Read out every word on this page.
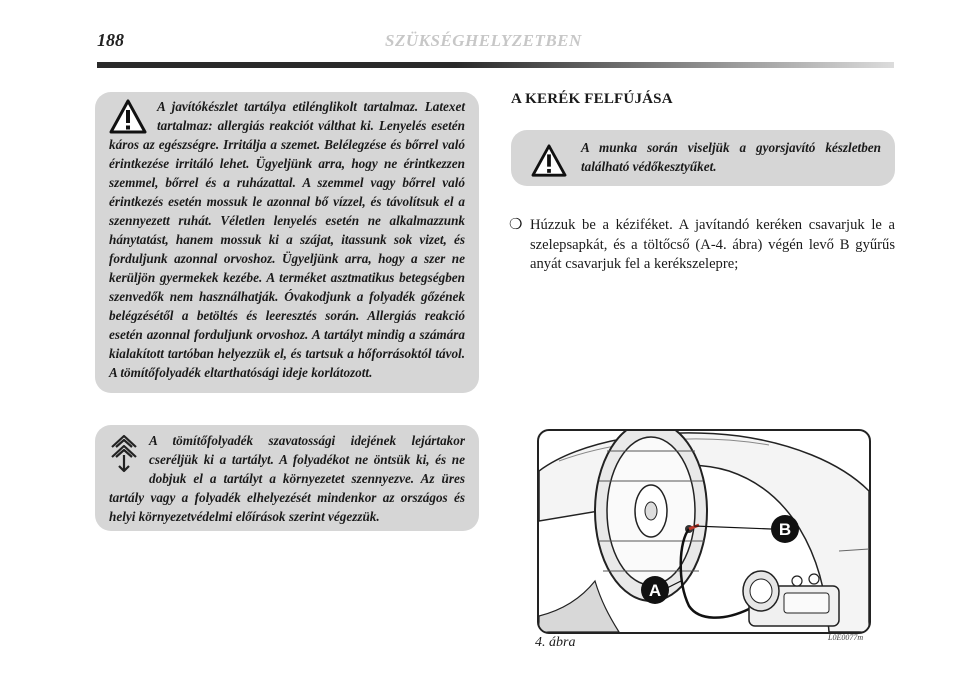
188	SZÜKSÉGHELYZETBEN

A javítókészlet tartálya etilénglikolt tartalmaz. Latexet tartalmaz: allergiás reakciót válthat ki. Lenyelés esetén káros az egészségre. Irritálja a szemet. Belélegzése és bőrrel való érintkezése irritáló lehet. Ügyeljünk arra, hogy ne érintkezzen szemmel, bőrrel és a ruházattal. A szemmel vagy bőrrel való érintkezés esetén mossuk le azonnal bő vízzel, és távolítsuk el a szennyezett ruhát. Véletlen lenyelés esetén ne alkalmazzunk hánytatást, hanem mossuk ki a szájat, itassunk sok vizet, és forduljunk azonnal orvoshoz. Ügyeljünk arra, hogy a szer ne kerüljön gyermekek kezébe. A terméket asztmatikus betegségben szenvedők nem használhatják. Óvakodjunk a folyadék gőzének belégzésétől a betöltés és leeresztés során. Allergiás reakció esetén azonnal forduljunk orvoshoz. A tartályt mindig a számára kialakított tartóban helyezzük el, és tartsuk a hőforrásoktól távol. A tömítőfolyadék eltarthatósági ideje korlátozott.

A tömítőfolyadék szavatossági idejének lejártakor cseréljük ki a tartályt. A folyadékot ne öntsük ki, és ne dobjuk el a tartályt a környezetet szennyezve. Az üres tartály vagy a folyadék elhelyezését mindenkor az országos és helyi környezetvédelmi előírások szerint végezzük.

A KERÉK FELFÚJÁSA

A munka során viseljük a gyorsjavító készletben található védőkesztyűket.

❍ Húzzuk be a kéziféket. A javítandó keréken csavarjuk le a szelepsapkát, és a töltőcső (A-4. ábra) végén levő B gyűrűs anyát csavarjuk fel a kerékszelepre;
B
A
4. ábra	L0E0077m
